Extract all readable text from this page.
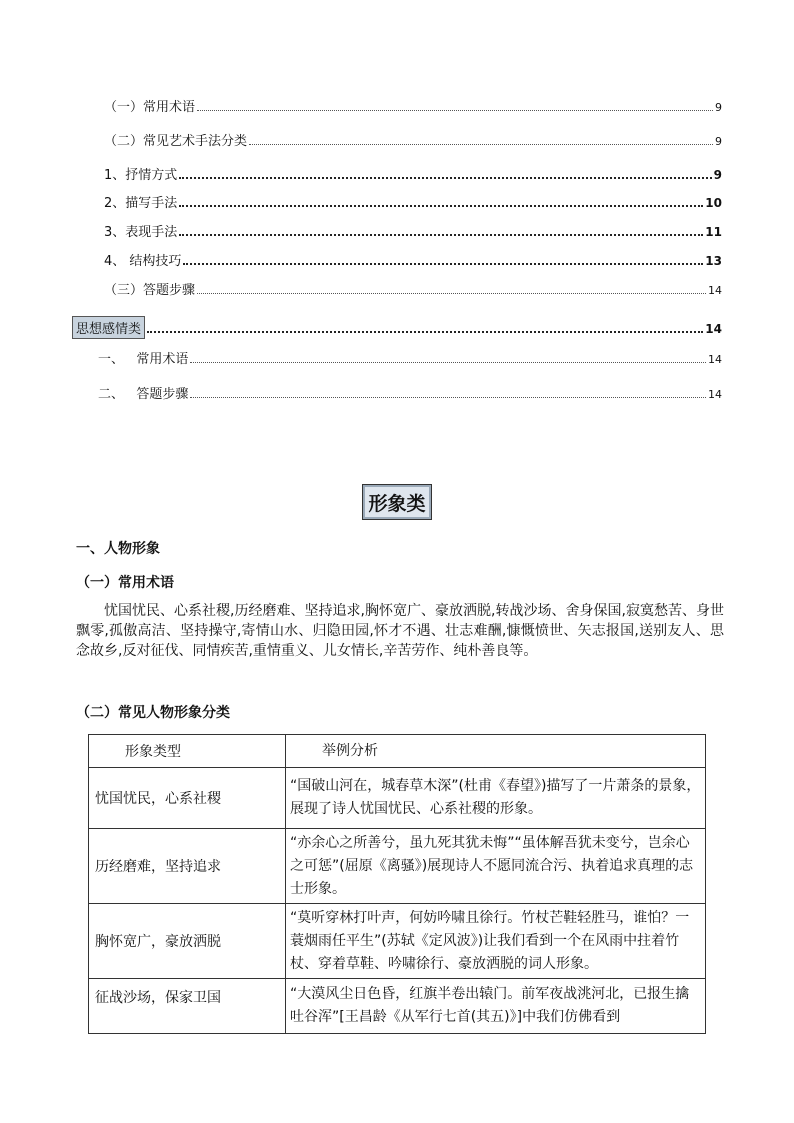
（一）常用术语	9
（二）常见艺术手法分类	9
1、抒情方式	9
2、描写手法	10
3、表现手法	11
4、 结构技巧	13
（三）答题步骤	14
思想感情类	14
一、   常用术语	14
二、   答题步骤	14
形象类
一、人物形象
（一）常用术语
忧国忧民、心系社稷,历经磨难、坚持追求,胸怀宽广、豪放洒脱,转战沙场、舍身保国,寂寞愁苦、身世飘零,孤傲高洁、坚持操守,寄情山水、归隐田园,怀才不遇、壮志难酬,慷慨愤世、矢志报国,送别友人、思念故乡,反对征伐、同情疾苦,重情重义、儿女情长,辛苦劳作、纯朴善良等。
（二）常见人物形象分类
形象类型	举例分析
忧国忧民，心系社稷	“国破山河在，城春草木深”(杜甫《春望》)描写了一片萧条的景象，展现了诗人忧国忧民、心系社稷的形象。
历经磨难，坚持追求	“亦余心之所善兮，虽九死其犹未悔”“虽体解吾犹未变兮，岂余心之可惩”(屈原《离骚》)展现诗人不愿同流合污、执着追求真理的志士形象。
胸怀宽广，豪放洒脱	“莫听穿林打叶声，何妨吟啸且徐行。竹杖芒鞋轻胜马，谁怕？一蓑烟雨任平生”(苏轼《定风波》)让我们看到一个在风雨中拄着竹杖、穿着草鞋、吟啸徐行、豪放洒脱的词人形象。
征战沙场，保家卫国	“大漠风尘日色昏，红旗半卷出辕门。前军夜战洮河北，已报生擒吐谷浑”[王昌龄《从军行七首(其五)》]中我们仿佛看到
